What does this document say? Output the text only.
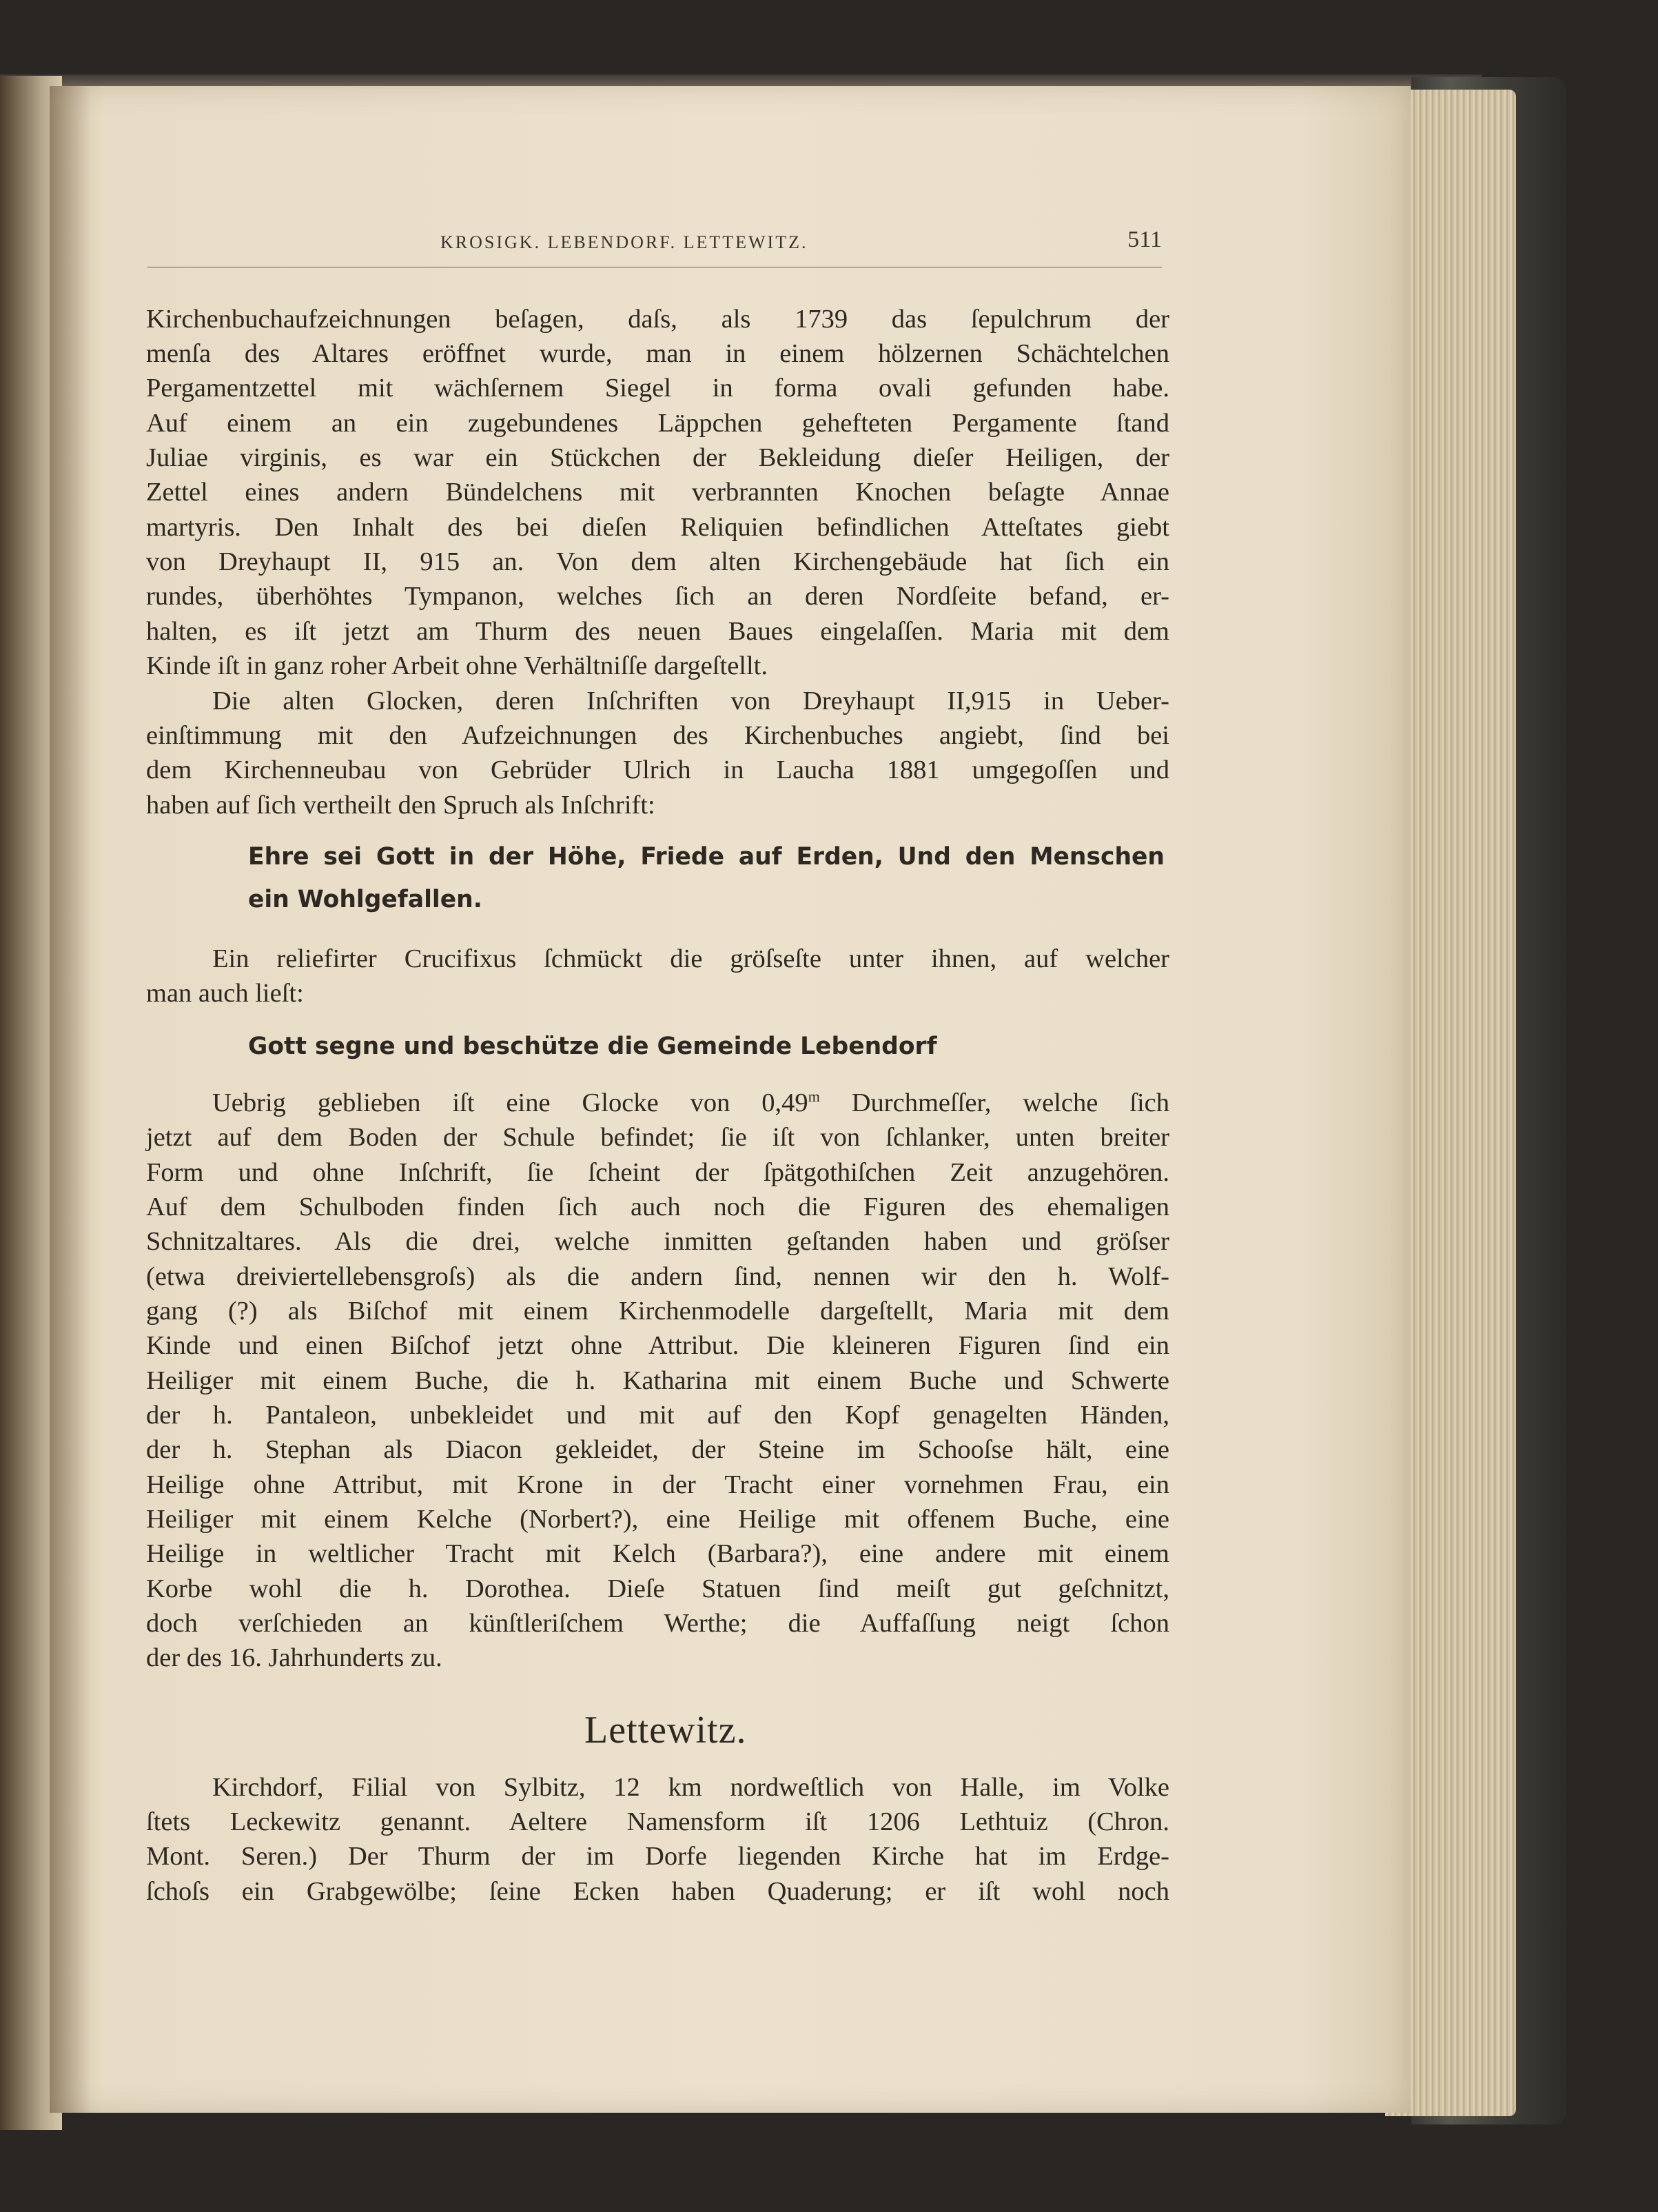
KROSIGK. LEBENDORF. LETTEWITZ.	511
Kirchenbuchaufzeichnungen beſagen, daſs, als 1739 das ſepulchrum der
menſa des Altares eröffnet wurde, man in einem hölzernen Schächtelchen
Pergamentzettel mit wächſernem Siegel in forma ovali gefunden habe.
Auf einem an ein zugebundenes Läppchen gehefteten Pergamente ſtand
Juliae virginis, es war ein Stückchen der Bekleidung dieſer Heiligen, der
Zettel eines andern Bündelchens mit verbrannten Knochen beſagte Annae
martyris. Den Inhalt des bei dieſen Reliquien befindlichen Atteſtates giebt
von Dreyhaupt II, 915 an. Von dem alten Kirchengebäude hat ſich ein
rundes, überhöhtes Tympanon, welches ſich an deren Nordſeite befand, er-
halten, es iſt jetzt am Thurm des neuen Baues eingelaſſen. Maria mit dem
Kinde iſt in ganz roher Arbeit ohne Verhältniſſe dargeſtellt.
Die alten Glocken, deren Inſchriften von Dreyhaupt II,915 in Ueber-
einſtimmung mit den Aufzeichnungen des Kirchenbuches angiebt, ſind bei
dem Kirchenneubau von Gebrüder Ulrich in Laucha 1881 umgegoſſen und
haben auf ſich vertheilt den Spruch als Inſchrift:
Ehre sei Gott in der Höhe, Friede auf Erden, Und den Menschen
ein Wohlgefallen.
Ein reliefirter Crucifixus ſchmückt die gröſseſte unter ihnen, auf welcher
man auch lieſt:
Gott segne und beschütze die Gemeinde Lebendorf
Uebrig geblieben iſt eine Glocke von 0,49$^m$ Durchmeſſer, welche ſich
jetzt auf dem Boden der Schule befindet; ſie iſt von ſchlanker, unten breiter
Form und ohne Inſchrift, ſie ſcheint der ſpätgothiſchen Zeit anzugehören.
Auf dem Schulboden finden ſich auch noch die Figuren des ehemaligen
Schnitzaltares. Als die drei, welche inmitten geſtanden haben und gröſser
(etwa dreiviertellebensgroſs) als die andern ſind, nennen wir den h. Wolf-
gang (?) als Biſchof mit einem Kirchenmodelle dargeſtellt, Maria mit dem
Kinde und einen Biſchof jetzt ohne Attribut. Die kleineren Figuren ſind ein
Heiliger mit einem Buche, die h. Katharina mit einem Buche und Schwerte
der h. Pantaleon, unbekleidet und mit auf den Kopf genagelten Händen,
der h. Stephan als Diacon gekleidet, der Steine im Schooſse hält, eine
Heilige ohne Attribut, mit Krone in der Tracht einer vornehmen Frau, ein
Heiliger mit einem Kelche (Norbert?), eine Heilige mit offenem Buche, eine
Heilige in weltlicher Tracht mit Kelch (Barbara?), eine andere mit einem
Korbe wohl die h. Dorothea. Dieſe Statuen ſind meiſt gut geſchnitzt,
doch verſchieden an künſtleriſchem Werthe; die Auffaſſung neigt ſchon
der des 16. Jahrhunderts zu.
Lettewitz.
Kirchdorf, Filial von Sylbitz, 12 km nordweſtlich von Halle, im Volke
ſtets Leckewitz genannt. Aeltere Namensform iſt 1206 Lethtuiz (Chron.
Mont. Seren.) Der Thurm der im Dorfe liegenden Kirche hat im Erdge-
ſchoſs ein Grabgewölbe; ſeine Ecken haben Quaderung; er iſt wohl noch
